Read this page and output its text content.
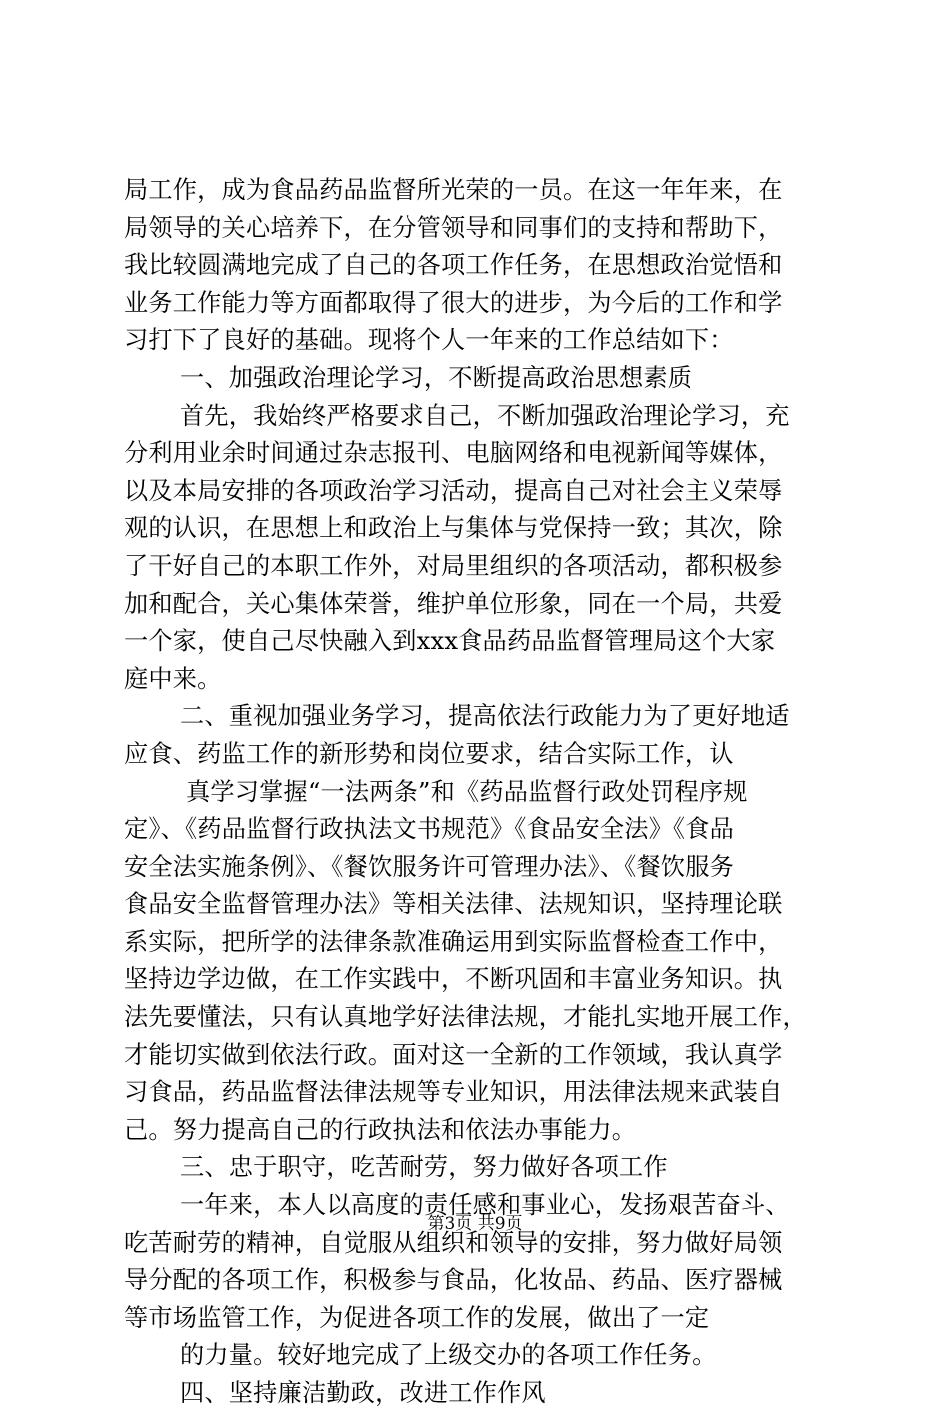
局工作，成为食品药品监督所光荣的一员。在这一年年来，在
局领导的关心培养下，在分管领导和同事们的支持和帮助下，
我比较圆满地完成了自己的各项工作任务，在思想政治觉悟和
业务工作能力等方面都取得了很大的进步，为今后的工作和学
习打下了良好的基础。现将个人一年来的工作总结如下：
一、加强政治理论学习，不断提高政治思想素质
首先，我始终严格要求自己，不断加强政治理论学习，充
分利用业余时间通过杂志报刊、电脑网络和电视新闻等媒体，
以及本局安排的各项政治学习活动，提高自己对社会主义荣辱
观的认识，在思想上和政治上与集体与党保持一致；其次，除
了干好自己的本职工作外，对局里组织的各项活动，都积极参
加和配合，关心集体荣誉，维护单位形象，同在一个局，共爱
一个家，使自己尽快融入到xxx食品药品监督管理局这个大家
庭中来。
二、重视加强业务学习，提高依法行政能力为了更好地适
应食、药监工作的新形势和岗位要求，结合实际工作，认
真学习掌握“一法两条”和《药品监督行政处罚程序规
定》、《药品监督行政执法文书规范》《食品安全法》《食品
安全法实施条例》、《餐饮服务许可管理办法》、《餐饮服务
食品安全监督管理办法》等相关法律、法规知识，坚持理论联
系实际，把所学的法律条款准确运用到实际监督检查工作中，
坚持边学边做，在工作实践中，不断巩固和丰富业务知识。执
法先要懂法，只有认真地学好法律法规，才能扎实地开展工作，
才能切实做到依法行政。面对这一全新的工作领域，我认真学
习食品，药品监督法律法规等专业知识，用法律法规来武装自
己。努力提高自己的行政执法和依法办事能力。
三、忠于职守，吃苦耐劳，努力做好各项工作
一年来，本人以高度的责任感和事业心，发扬艰苦奋斗、
吃苦耐劳的精神，自觉服从组织和领导的安排，努力做好局领
导分配的各项工作，积极参与食品，化妆品、药品、医疗器械
等市场监管工作，为促进各项工作的发展，做出了一定
的力量。较好地完成了上级交办的各项工作任务。
四、坚持廉洁勤政，改进工作作风
第3页 共9页
